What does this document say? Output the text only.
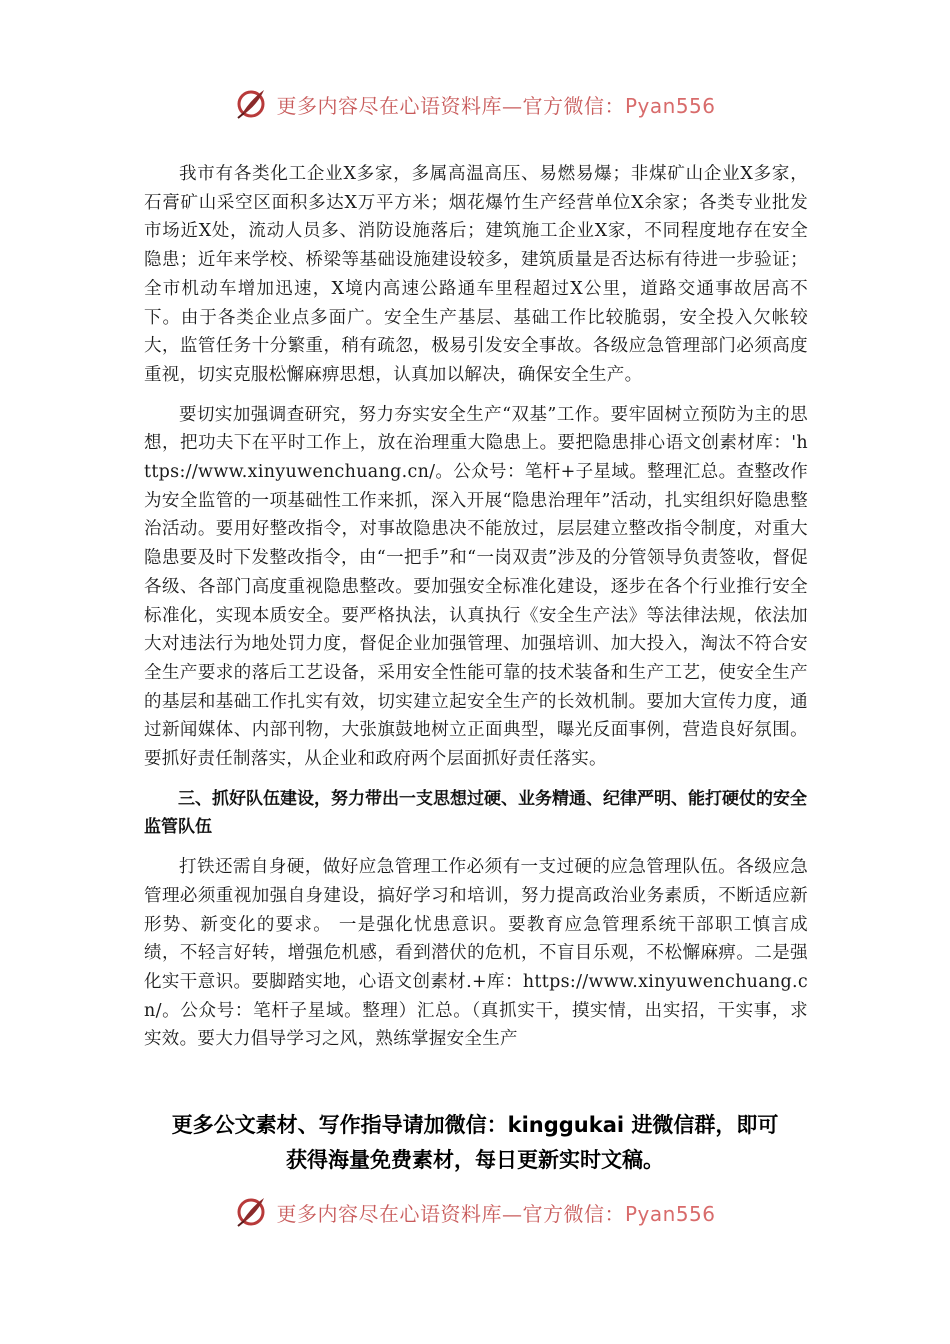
更多内容尽在心语资料库—官方微信：Pyan556

我市有各类化工企业X多家，多属高温高压、易燃易爆；非煤矿山企业X多家，石膏矿山采空区面积多达X万平方米；烟花爆竹生产经营单位X余家；各类专业批发市场近X处，流动人员多、消防设施落后；建筑施工企业X家，不同程度地存在安全隐患；近年来学校、桥梁等基础设施建设较多，建筑质量是否达标有待进一步验证；全市机动车增加迅速，X境内高速公路通车里程超过X公里，道路交通事故居高不下。由于各类企业点多面广。安全生产基层、基础工作比较脆弱，安全投入欠帐较大，监管任务十分繁重，稍有疏忽，极易引发安全事故。各级应急管理部门必须高度重视，切实克服松懈麻痹思想，认真加以解决，确保安全生产。

要切实加强调查研究，努力夯实安全生产“双基”工作。要牢固树立预防为主的思想，把功夫下在平时工作上，放在治理重大隐患上。要把隐患排心语文创素材库：'https://www.xinyuwenchuang.cn/。公众号：笔杆+子星域。整理汇总。查整改作为安全监管的一项基础性工作来抓，深入开展“隐患治理年”活动，扎实组织好隐患整治活动。要用好整改指令，对事故隐患决不能放过，层层建立整改指令制度，对重大隐患要及时下发整改指令，由“一把手”和“一岗双责”涉及的分管领导负责签收，督促各级、各部门高度重视隐患整改。要加强安全标准化建设，逐步在各个行业推行安全标准化，实现本质安全。要严格执法，认真执行《安全生产法》等法律法规，依法加大对违法行为地处罚力度，督促企业加强管理、加强培训、加大投入，淘汰不符合安全生产要求的落后工艺设备，采用安全性能可靠的技术装备和生产工艺，使安全生产的基层和基础工作扎实有效，切实建立起安全生产的长效机制。要加大宣传力度，通过新闻媒体、内部刊物，大张旗鼓地树立正面典型，曝光反面事例，营造良好氛围。要抓好责任制落实，从企业和政府两个层面抓好责任落实。

三、抓好队伍建设，努力带出一支思想过硬、业务精通、纪律严明、能打硬仗的安全监管队伍

打铁还需自身硬，做好应急管理工作必须有一支过硬的应急管理队伍。各级应急管理必须重视加强自身建设，搞好学习和培训，努力提高政治业务素质，不断适应新形势、新变化的要求。 一是强化忧患意识。要教育应急管理系统干部职工慎言成绩，不轻言好转，增强危机感，看到潜伏的危机，不盲目乐观，不松懈麻痹。二是强化实干意识。要脚踏实地，心语文创素材.+库：https://www.xinyuwenchuang.cn/。公众号：笔杆子星域。整理）汇总。（真抓实干，摸实情，出实招，干实事，求实效。要大力倡导学习之风，熟练掌握安全生产

更多公文素材、写作指导请加微信：kinggukai 进微信群，即可
获得海量免费素材，每日更新实时文稿。
更多内容尽在心语资料库—官方微信：Pyan556
